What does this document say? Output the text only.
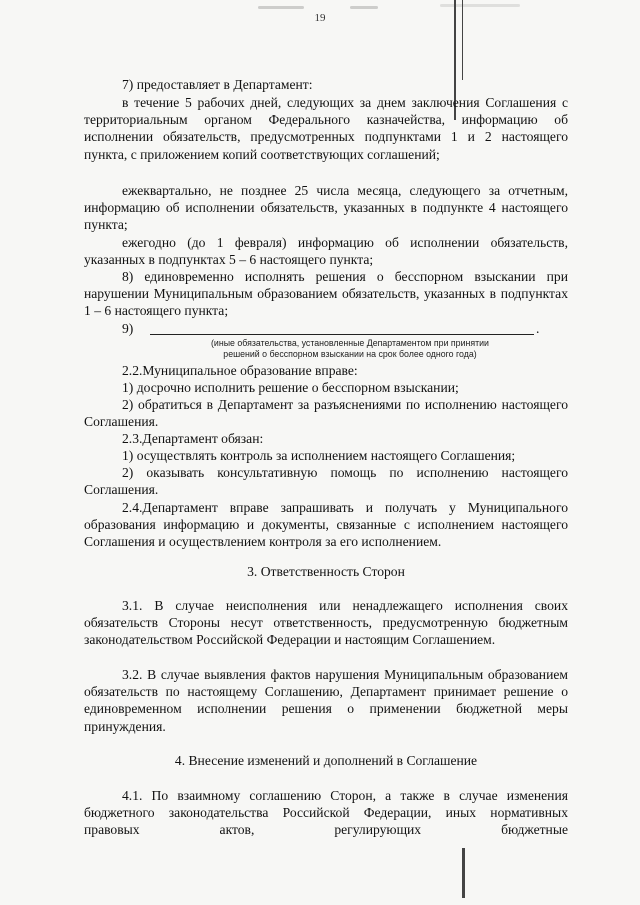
19
7) предоставляет в Департамент:
в течение 5 рабочих дней, следующих за днем заключения Соглашения с территориальным органом Федерального казначейства, информацию об исполнении обязательств, предусмотренных подпунктами 1 и 2 настоящего пункта, с приложением копий соответствующих соглашений;
ежеквартально, не позднее 25 числа месяца, следующего за отчетным, информацию об исполнении обязательств, указанных в подпункте 4 настоящего пункта;
ежегодно (до 1 февраля) информацию об исполнении обязательств, указанных в подпунктах 5 – 6 настоящего пункта;
8) единовременно исполнять решения о бесспорном взыскании при нарушении Муниципальным образованием обязательств, указанных в подпунктах 1 – 6 настоящего пункта;
9)	.
(иные обязательства, установленные Департаментом при принятии
решений о бесспорном взыскании на срок более одного года)
2.2.Муниципальное образование вправе:
1) досрочно исполнить решение о бесспорном взыскании;
2) обратиться в Департамент за разъяснениями по исполнению настоящего Соглашения.
2.3.Департамент обязан:
1) осуществлять контроль за исполнением настоящего Соглашения;
2) оказывать консультативную помощь по исполнению настоящего Соглашения.
2.4.Департамент вправе запрашивать и получать у Муниципального образования информацию и документы, связанные с исполнением настоящего Соглашения и осуществлением контроля за его исполнением.
3. Ответственность Сторон
3.1. В случае неисполнения или ненадлежащего исполнения своих обязательств Стороны несут ответственность, предусмотренную бюджетным законодательством Российской Федерации и настоящим Соглашением.
3.2. В случае выявления фактов нарушения Муниципальным образованием обязательств по настоящему Соглашению, Департамент принимает решение о единовременном исполнении решения о применении бюджетной меры принуждения.
4. Внесение изменений и дополнений в Соглашение
4.1. По взаимному соглашению Сторон, а также в случае изменения бюджетного законодательства Российской Федерации, иных нормативных правовых актов, регулирующих бюджетные
